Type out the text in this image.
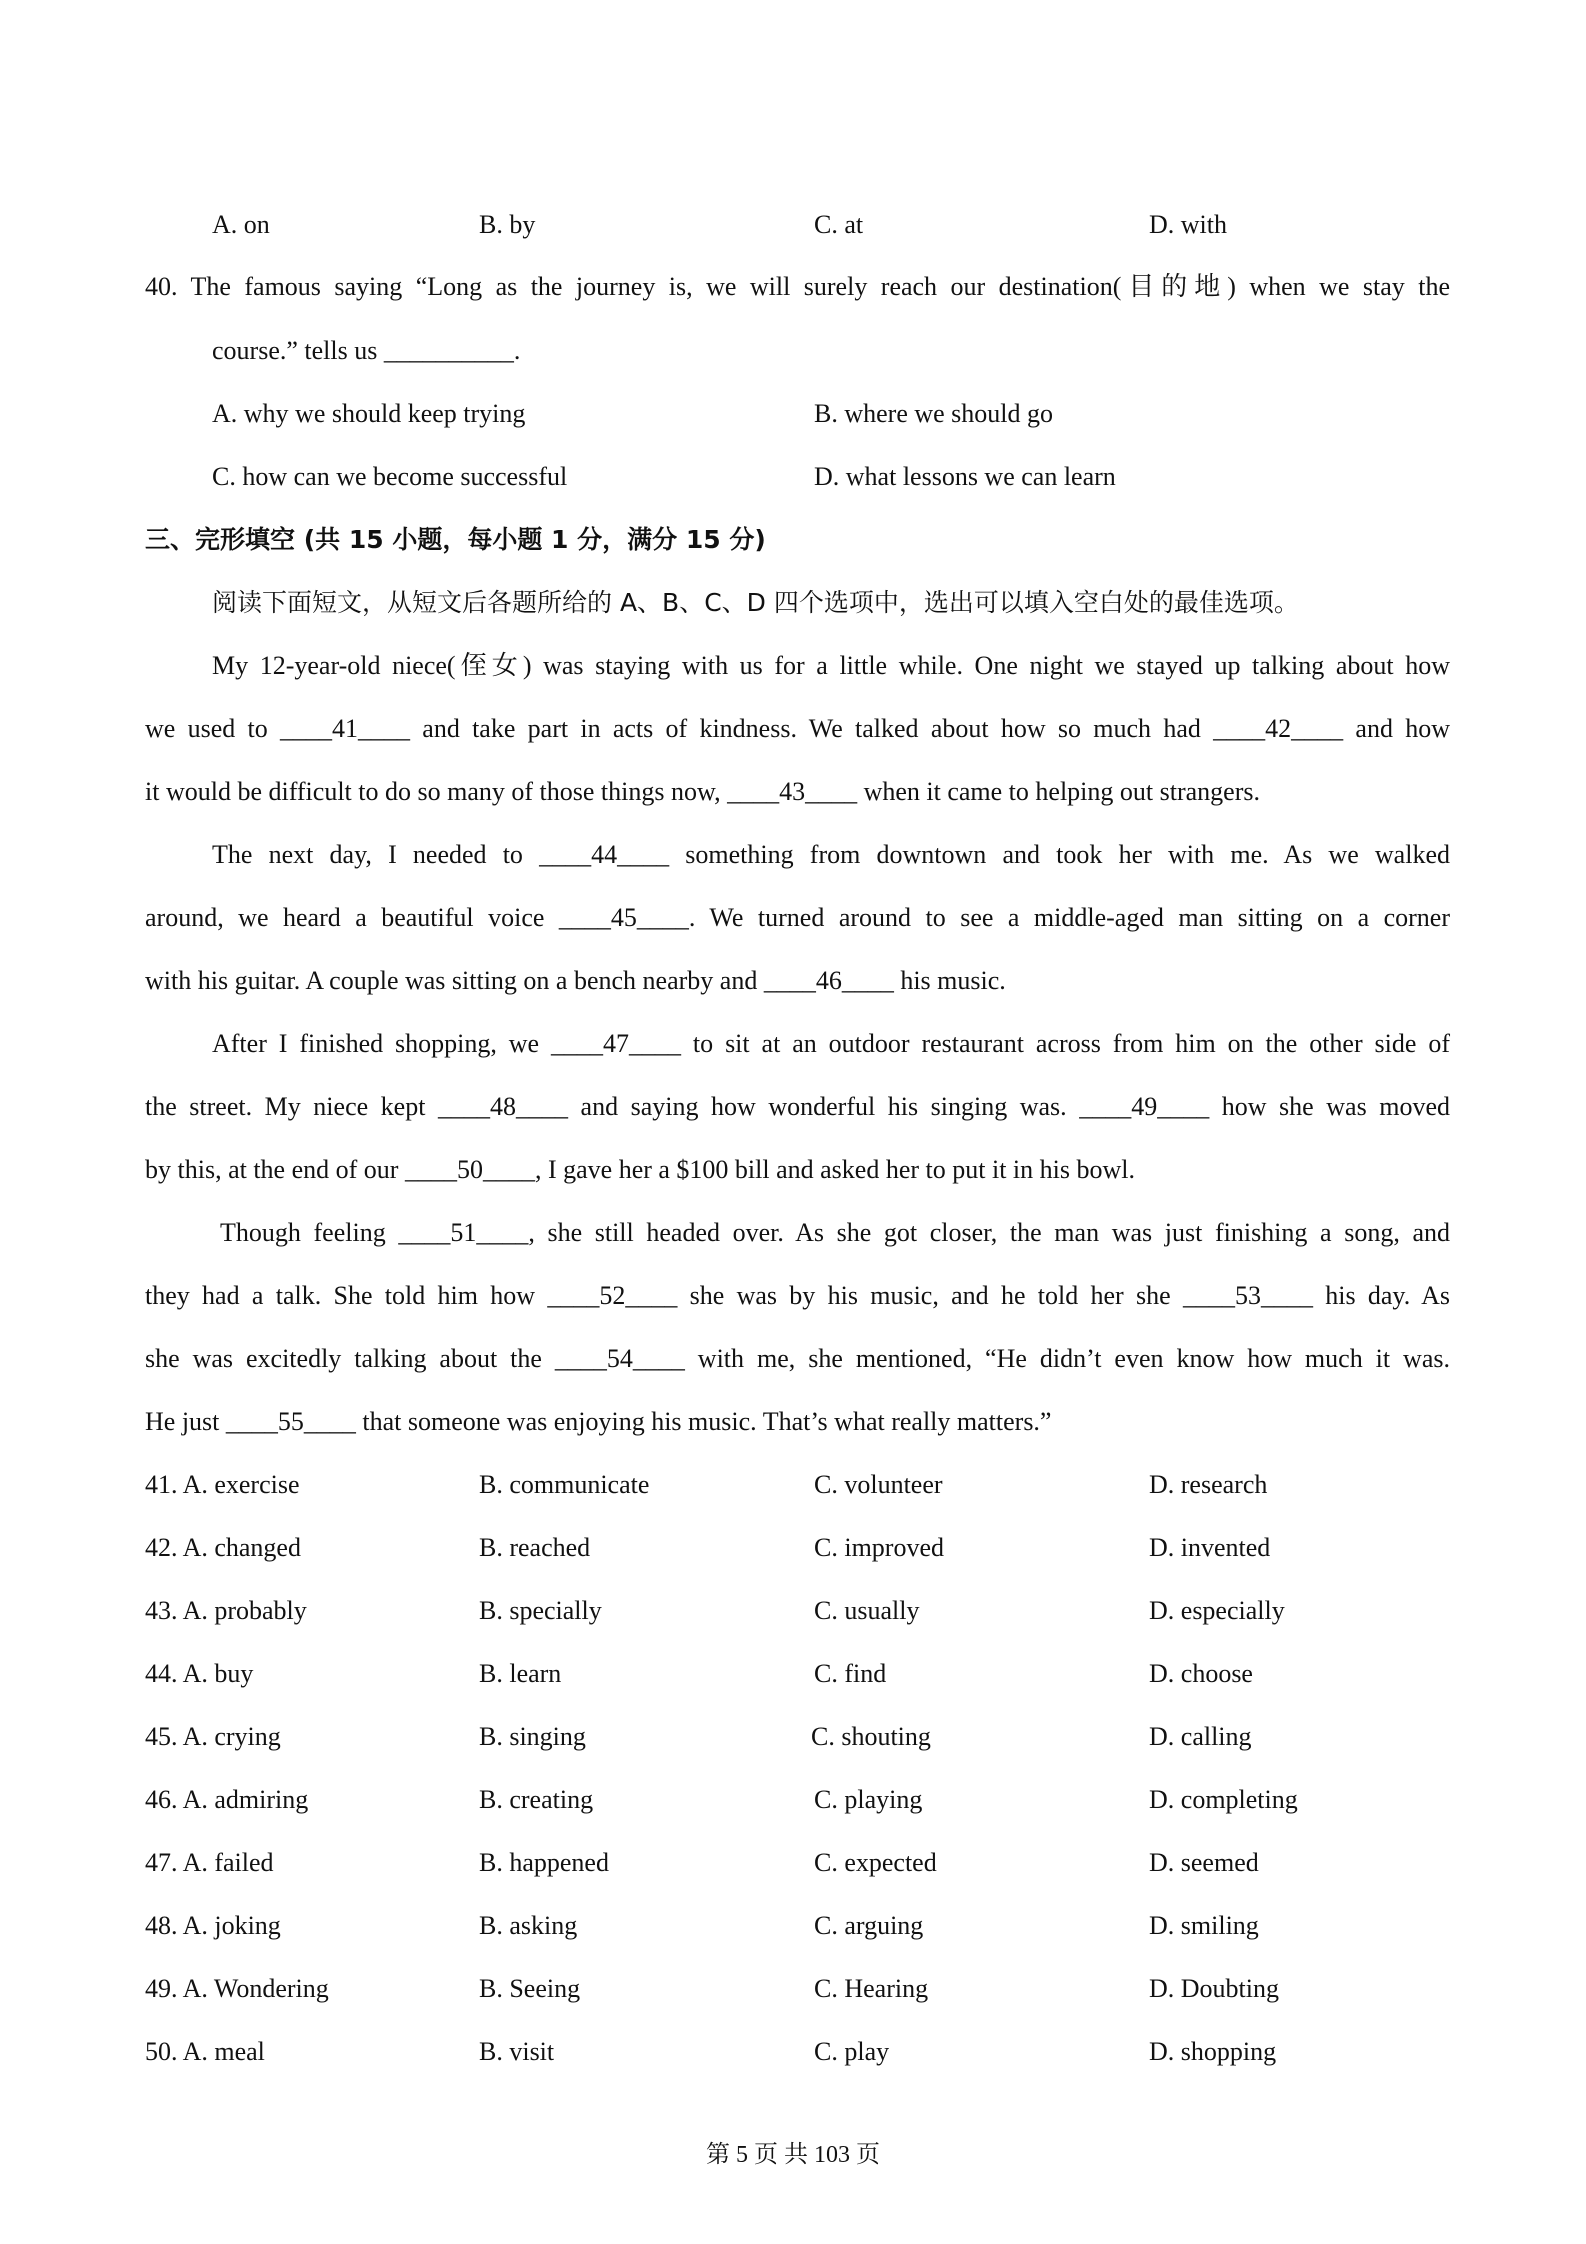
A. on	B. by	C. at	D. with
40. The famous saying “Long as the journey is, we will surely reach our destination(目的地) when we stay the
course.” tells us __________.
A. why we should keep trying	B. where we should go
C. how can we become successful	D. what lessons we can learn
三、完形填空 (共 15 小题，每小题 1 分，满分 15 分)
阅读下面短文，从短文后各题所给的 A、B、C、D 四个选项中，选出可以填入空白处的最佳选项。
My 12-year-old niece(侄女) was staying with us for a little while. One night we stayed up talking about how
we used to ____41____ and take part in acts of kindness. We talked about how so much had ____42____ and how
it would be difficult to do so many of those things now, ____43____ when it came to helping out strangers.
The next day, I needed to ____44____ something from downtown and took her with me. As we walked
around, we heard a beautiful voice ____45____. We turned around to see a middle-aged man sitting on a corner
with his guitar. A couple was sitting on a bench nearby and ____46____ his music.
After I finished shopping, we ____47____ to sit at an outdoor restaurant across from him on the other side of
the street. My niece kept ____48____ and saying how wonderful his singing was. ____49____ how she was moved
by this, at the end of our ____50____, I gave her a $100 bill and asked her to put it in his bowl.
Though feeling ____51____, she still headed over. As she got closer, the man was just finishing a song, and
they had a talk. She told him how ____52____ she was by his music, and he told her she ____53____ his day. As
she was excitedly talking about the ____54____ with me, she mentioned, “He didn’t even know how much it was.
He just ____55____ that someone was enjoying his music. That’s what really matters.”
41. A. exercise	B. communicate	C. volunteer	D. research
42. A. changed	B. reached	C. improved	D. invented
43. A. probably	B. specially	C. usually	D. especially
44. A. buy	B. learn	C. find	D. choose
45. A. crying	B. singing	C. shouting	D. calling
46. A. admiring	B. creating	C. playing	D. completing
47. A. failed	B. happened	C. expected	D. seemed
48. A. joking	B. asking	C. arguing	D. smiling
49. A. Wondering	B. Seeing	C. Hearing	D. Doubting
50. A. meal	B. visit	C. play	D. shopping
第 5 页 共 103 页
